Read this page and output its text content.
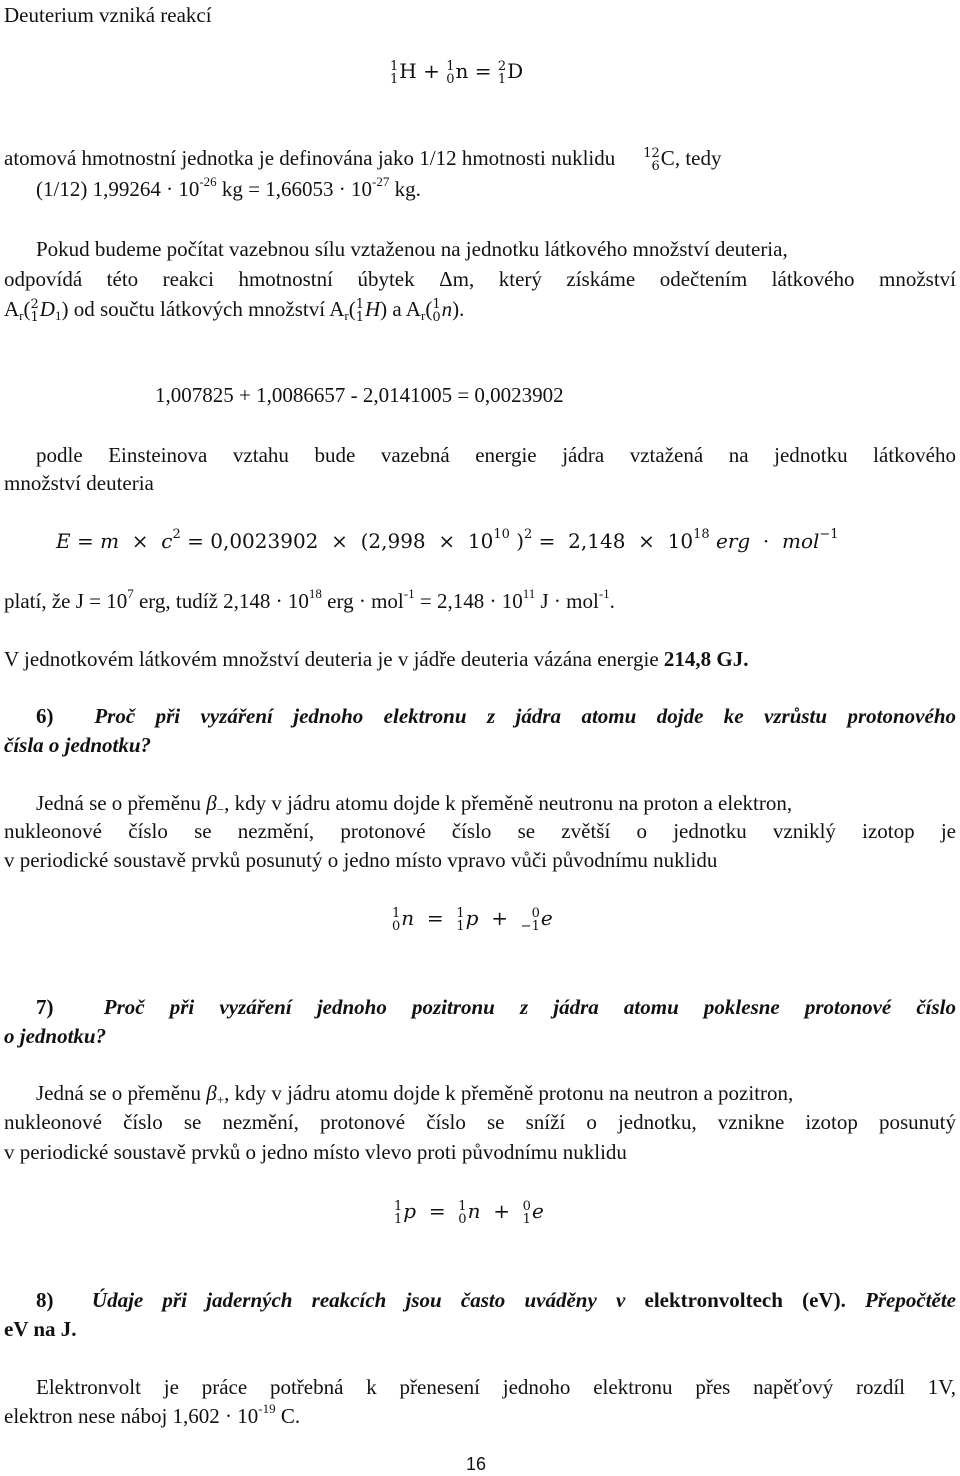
Deuterium vzniká reakcí
1
1 H + 1
0 n = 2
1 D
atomová hmotnostní jednotka je definována jako 1/12 hmotnosti nuklidu 12
6 C, tedy
(1/12) $1,99264 \cdot 10^{-26}$ kg = $1,66053 \cdot 10^{-27}$ kg.
Pokud budeme počítat vazebnou sílu vztaženou na jednotku látkového množství deuteria,
odpovídá této reakci hmotnostní úbytek Δm, který získáme odečtením látkového množství
$A_r$( 2
1 $D_1$) od součtu látkových množství $A_r$( 1
1 H) a $A_r$( 1
0 n).
1,007825 + 1,0086657 - 2,0141005 = 0,0023902
podle Einsteinova vztahu bude vazebná energie jádra vztažená na jednotku látkového
množství deuteria
$E = m \times c^2 = 0,0023902 \times (2,998 \times 10^{10}$ )$^2 = 2,148 \times 10^{18}$ erg · mol$^{-1}$
platí, že $J = 10^7$ erg, tudíž $2,148 \cdot 10^{18}$ erg · $mol^{-1} = 2,148 \cdot 10^{11}$ J · mol$^{-1}$.
V jednotkovém látkovém množství deuteria je v jádře deuteria vázána energie 214,8 GJ.
6) Proč při vyzáření jednoho elektronu z jádra atomu dojde ke vzrůstu protonového
čísla o jednotku?
Jedná se o přeměnu $\beta_-$, kdy v jádru atomu dojde k přeměně neutronu na proton a elektron,
nukleonové číslo se nezmění, protonové číslo se zvětší o jednotku vzniklý izotop je
v periodické soustavě prvků posunutý o jedno místo vpravo vůči původnímu nuklidu
1
0 n = 1
1 p +	0
−1 e
7) Proč při vyzáření jednoho pozitronu z jádra atomu poklesne protonové číslo
o jednotku?
Jedná se o přeměnu $\beta_+$, kdy v jádru atomu dojde k přeměně protonu na neutron a pozitron,
nukleonové číslo se nezmění, protonové číslo se sníží o jednotku, vznikne izotop posunutý
v periodické soustavě prvků o jedno místo vlevo proti původnímu nuklidu
1
1 p = 1
0 n + 0
1 e
8) Údaje při jaderných reakcích jsou často uváděny v elektronvoltech (eV). Přepočtěte
eV na J.
Elektronvolt je práce potřebná k přenesení jednoho elektronu přes napěťový rozdíl 1V,
elektron nese náboj $1,602 \cdot 10^{-19}$ C.
16
